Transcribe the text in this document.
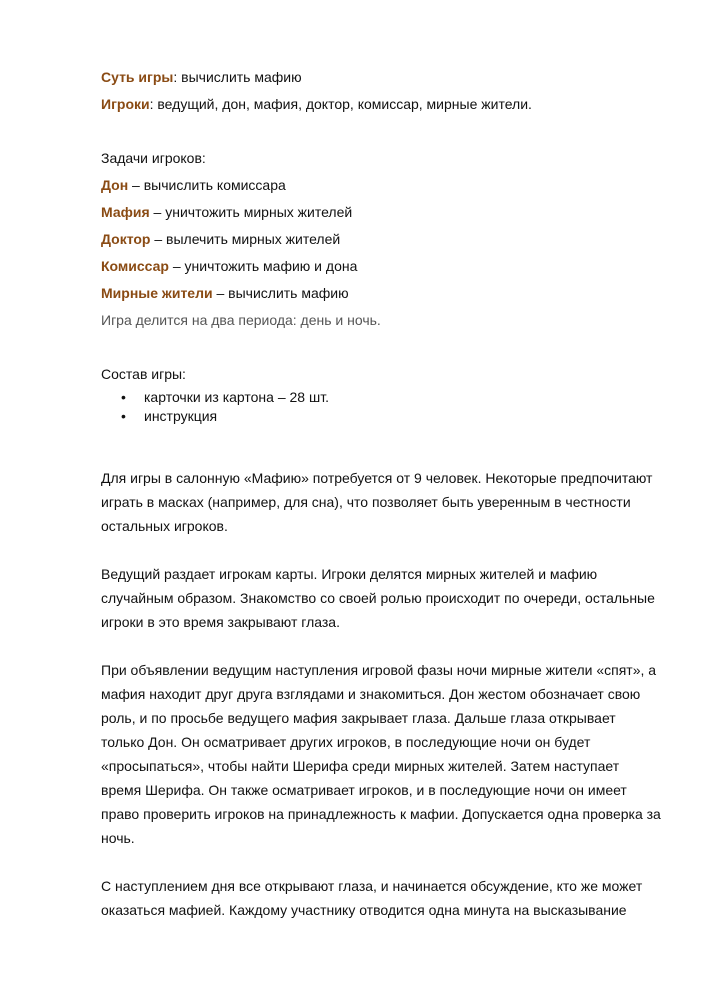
Суть игры: вычислить мафию
Игроки: ведущий, дон, мафия, доктор, комиссар, мирные жители.
Задачи игроков:
Дон – вычислить комиссара
Мафия – уничтожить мирных жителей
Доктор – вылечить мирных жителей
Комиссар – уничтожить мафию и дона
Мирные жители – вычислить мафию
Игра делится на два периода: день и ночь.
Состав игры:
• карточки из картона – 28 шт.
• инструкция

Для игры в салонную «Мафию» потребуется от 9 человек. Некоторые предпочитают играть в масках (например, для сна), что позволяет быть уверенным в честности остальных игроков.

Ведущий раздает игрокам карты. Игроки делятся мирных жителей и мафию случайным образом. Знакомство со своей ролью происходит по очереди, остальные игроки в это время закрывают глаза.

При объявлении ведущим наступления игровой фазы ночи мирные жители «спят», а мафия находит друг друга взглядами и знакомиться. Дон жестом обозначает свою роль, и по просьбе ведущего мафия закрывает глаза. Дальше глаза открывает только Дон. Он осматривает других игроков, в последующие ночи он будет «просыпаться», чтобы найти Шерифа среди мирных жителей. Затем наступает время Шерифа. Он также осматривает игроков, и в последующие ночи он имеет право проверить игроков на принадлежность к мафии. Допускается одна проверка за ночь.

С наступлением дня все открывают глаза, и начинается обсуждение, кто же может оказаться мафией. Каждому участнику отводится одна минута на высказывание
